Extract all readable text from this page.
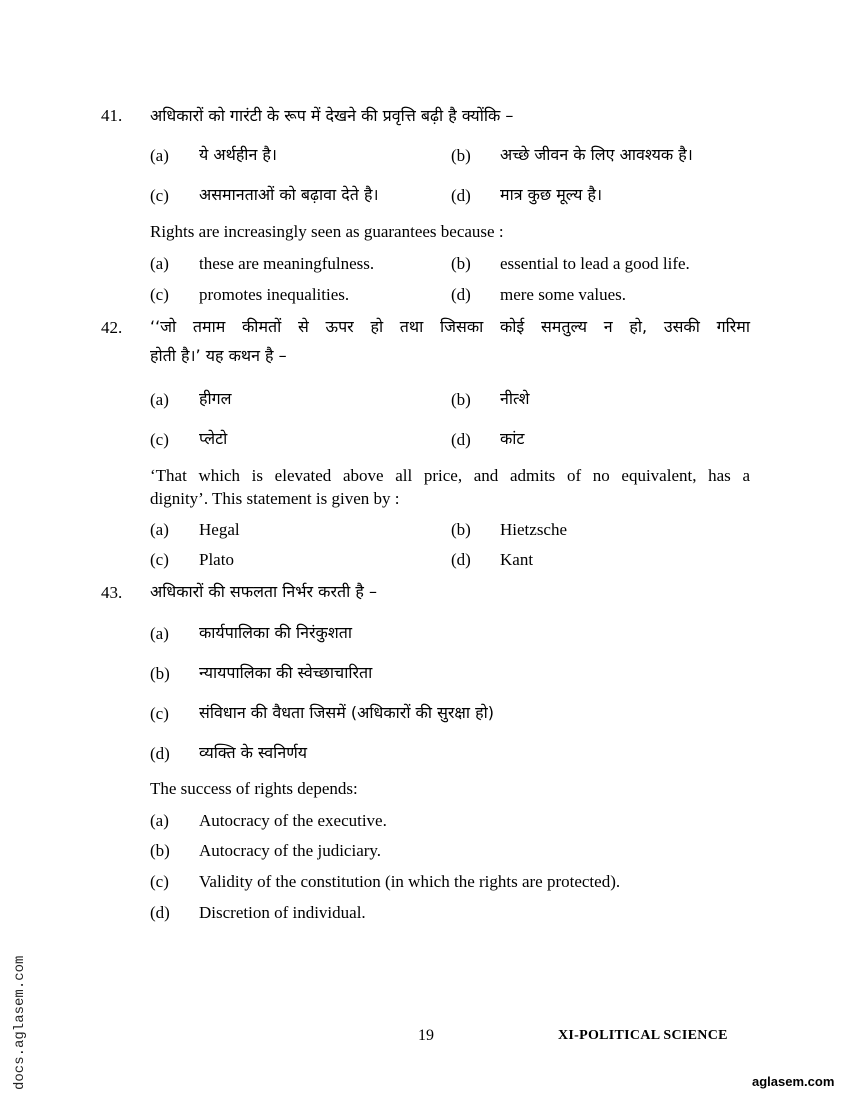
41. अधिकारों को गारंटी के रूप में देखने की प्रवृत्ति बढ़ी है क्योंकि –
(a) ये अर्थहीन है।	(b) अच्छे जीवन के लिए आवश्यक है।
(c) असमानताओं को बढ़ावा देते है।	(d) मात्र कुछ मूल्य है।
Rights are increasingly seen as guarantees because :
(a) these are meaningfulness.	(b) essential to lead a good life.
(c) promotes inequalities.	(d) mere some values.
42. ‘‘जो तमाम कीमतों से ऊपर हो तथा जिसका कोई समतुल्य न हो, उसकी गरिमा
होती है।’ यह कथन है –
(a) हीगल	(b) नीत्शे
(c) प्लेटो	(d) कांट
‘That which is elevated above all price, and admits of no equivalent, has a
dignity’. This statement is given by :
(a) Hegal	(b) Hietzsche
(c) Plato	(d) Kant
43. अधिकारों की सफलता निर्भर करती है –
(a) कार्यपालिका की निरंकुशता
(b) न्यायपालिका की स्वेच्छाचारिता
(c) संविधान की वैधता जिसमें (अधिकारों की सुरक्षा हो)
(d) व्यक्ति के स्वनिर्णय
The success of rights depends:
(a) Autocracy of the executive.
(b) Autocracy of the judiciary.
(c) Validity of the constitution (in which the rights are protected).
(d) Discretion of individual.
19	XI-POLITICAL SCIENCE
docs.aglasem.com	aglasem.com
